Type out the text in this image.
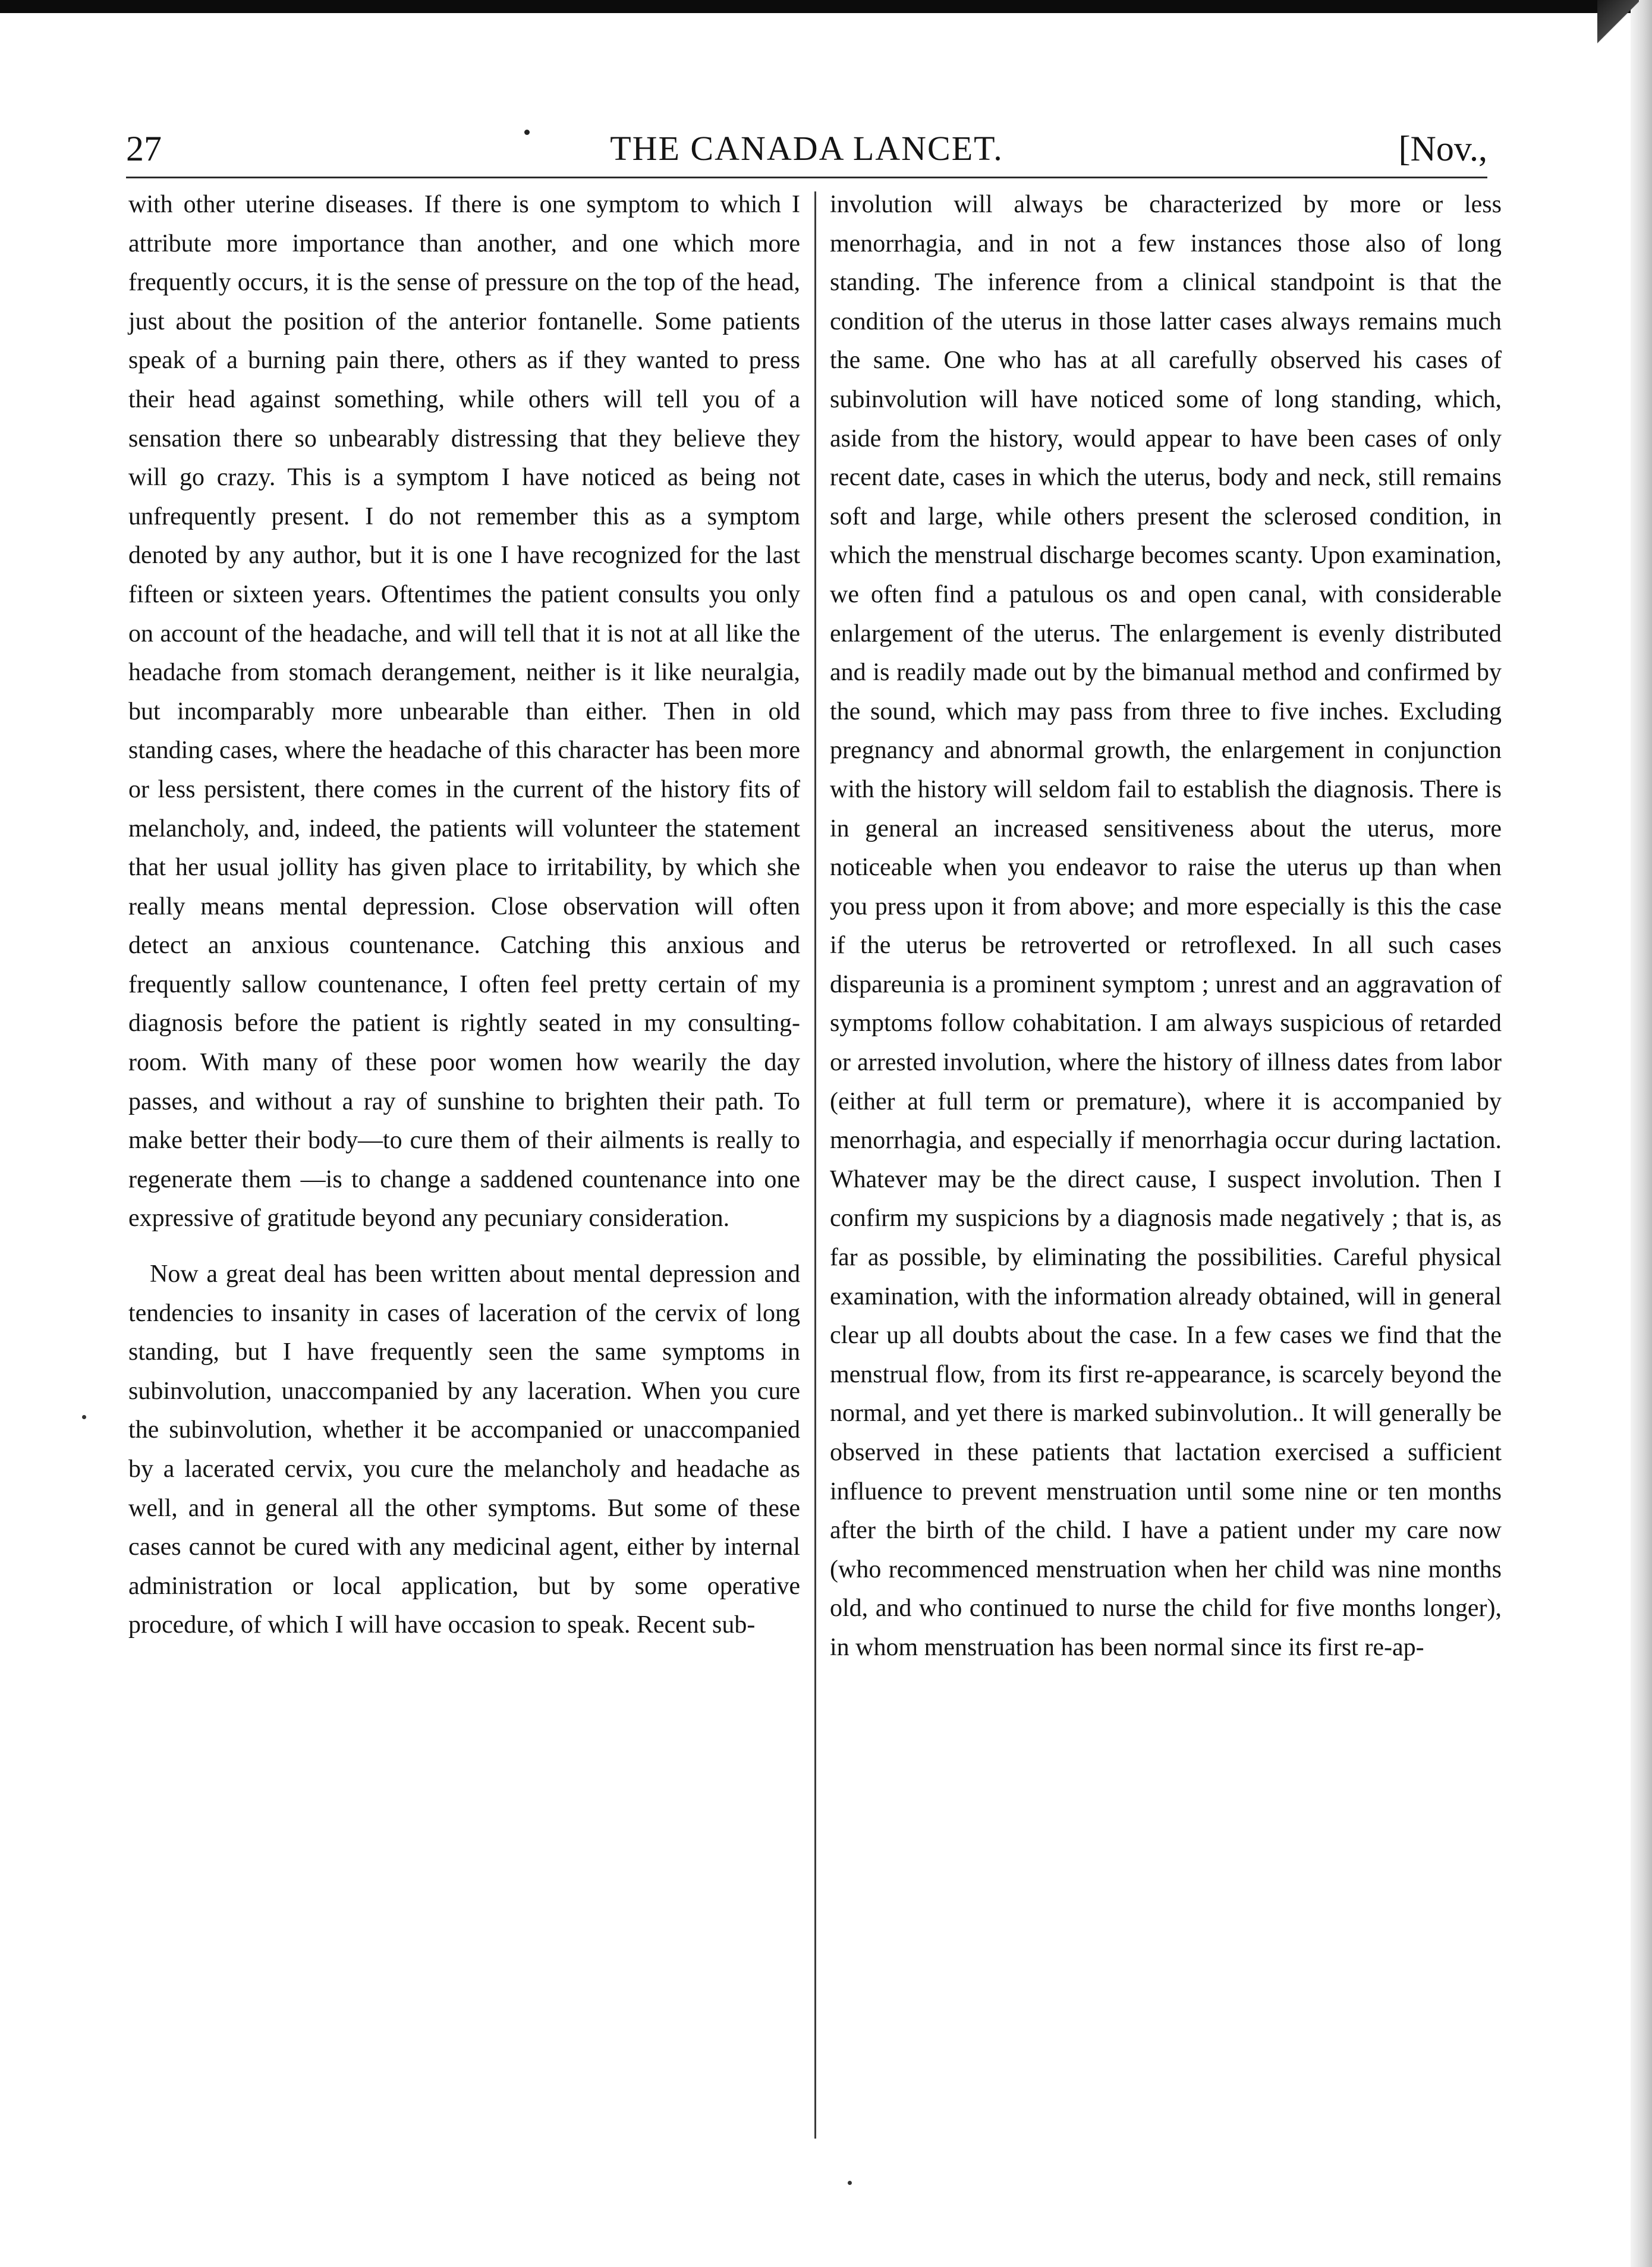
27	THE CANADA LANCET.	[Nov.,

with other uterine diseases. If there is one symptom to which I attribute more importance than another, and one which more frequently occurs, it is the sense of pressure on the top of the head, just about the position of the anterior fontanelle. Some patients speak of a burning pain there, others as if they wanted to press their head against something, while others will tell you of a sensation there so unbearably distressing that they believe they will go crazy. This is a symptom I have noticed as being not unfrequently present. I do not remember this as a symptom denoted by any author, but it is one I have recognized for the last fifteen or sixteen years. Oftentimes the patient consults you only on account of the headache, and will tell that it is not at all like the headache from stomach derangement, neither is it like neuralgia, but incomparably more unbearable than either. Then in old standing cases, where the headache of this character has been more or less persistent, there comes in the current of the history fits of melancholy, and, indeed, the patients will volunteer the statement that her usual jollity has given place to irritability, by which she really means mental depression. Close observation will often detect an anxious countenance. Catching this anxious and frequently sallow countenance, I often feel pretty certain of my diagnosis before the patient is rightly seated in my consulting-room. With many of these poor women how wearily the day passes, and without a ray of sunshine to brighten their path. To make better their body—to cure them of their ailments is really to regenerate them —is to change a saddened countenance into one expressive of gratitude beyond any pecuniary consideration.

Now a great deal has been written about mental depression and tendencies to insanity in cases of laceration of the cervix of long standing, but I have frequently seen the same symptoms in subinvolution, unaccompanied by any laceration. When you cure the subinvolution, whether it be accompanied or unaccompanied by a lacerated cervix, you cure the melancholy and headache as well, and in general all the other symptoms. But some of these cases cannot be cured with any medicinal agent, either by internal administration or local application, but by some operative procedure, of which I will have occasion to speak. Recent sub-

involution will always be characterized by more or less menorrhagia, and in not a few instances those also of long standing. The inference from a clinical standpoint is that the condition of the uterus in those latter cases always remains much the same. One who has at all carefully observed his cases of subinvolution will have noticed some of long standing, which, aside from the history, would appear to have been cases of only recent date, cases in which the uterus, body and neck, still remains soft and large, while others present the sclerosed condition, in which the menstrual discharge becomes scanty. Upon examination, we often find a patulous os and open canal, with considerable enlargement of the uterus. The enlargement is evenly distributed and is readily made out by the bimanual method and confirmed by the sound, which may pass from three to five inches. Excluding pregnancy and abnormal growth, the enlargement in conjunction with the history will seldom fail to establish the diagnosis. There is in general an increased sensitiveness about the uterus, more noticeable when you endeavor to raise the uterus up than when you press upon it from above; and more especially is this the case if the uterus be retroverted or retroflexed. In all such cases dispareunia is a prominent symptom ; unrest and an aggravation of symptoms follow cohabitation. I am always suspicious of retarded or arrested involution, where the history of illness dates from labor (either at full term or premature), where it is accompanied by menorrhagia, and especially if menorrhagia occur during lactation. Whatever may be the direct cause, I suspect involution. Then I confirm my suspicions by a diagnosis made negatively ; that is, as far as possible, by eliminating the possibilities. Careful physical examination, with the information already obtained, will in general clear up all doubts about the case. In a few cases we find that the menstrual flow, from its first re-appearance, is scarcely beyond the normal, and yet there is marked subinvolution.. It will generally be observed in these patients that lactation exercised a sufficient influence to prevent menstruation until some nine or ten months after the birth of the child. I have a patient under my care now (who recommenced menstruation when her child was nine months old, and who continued to nurse the child for five months longer), in whom menstruation has been normal since its first re-ap-
